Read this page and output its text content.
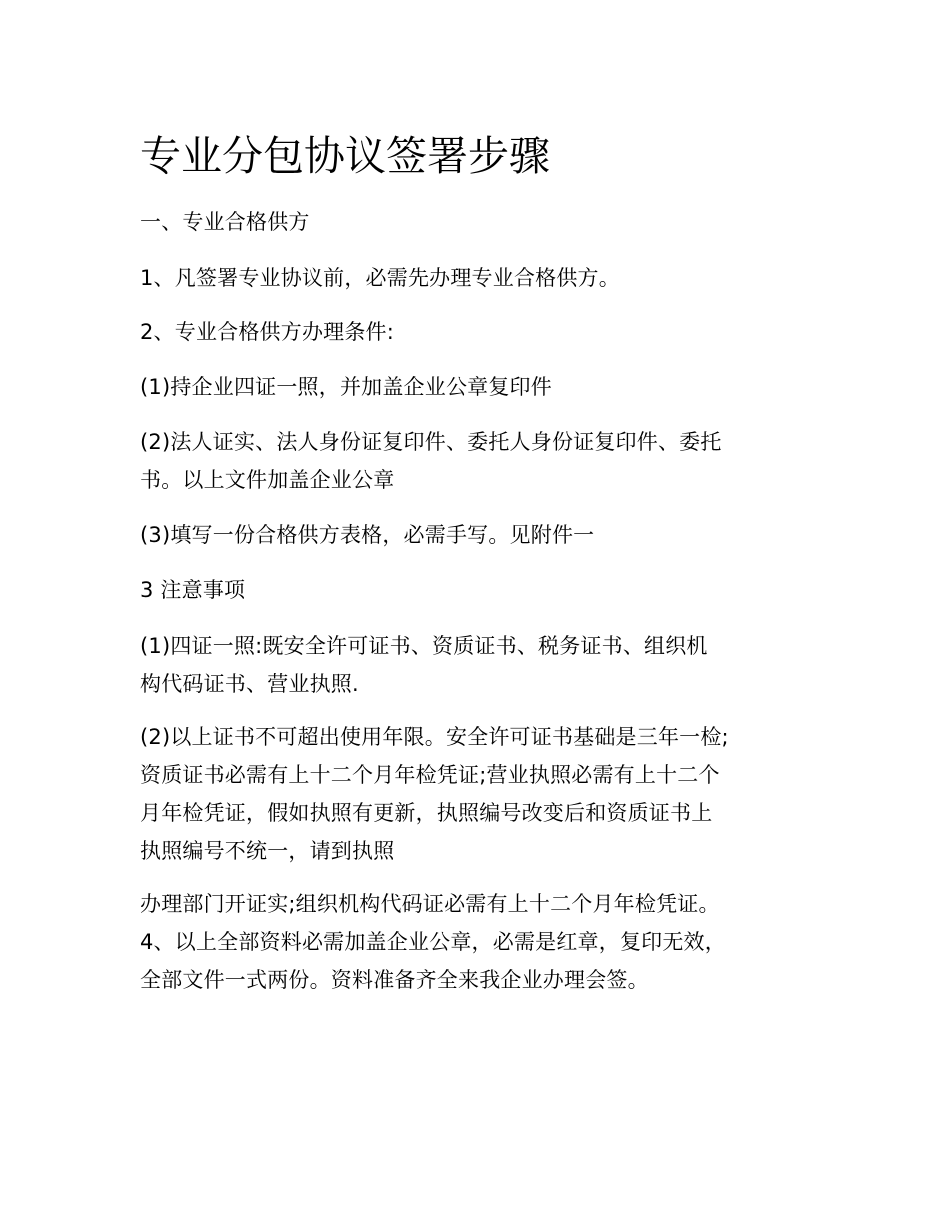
专业分包协议签署步骤

一、专业合格供方

1、凡签署专业协议前，必需先办理专业合格供方。

2、专业合格供方办理条件:

(1)持企业四证一照，并加盖企业公章复印件

(2)法人证实、法人身份证复印件、委托人身份证复印件、委托
书。以上文件加盖企业公章

(3)填写一份合格供方表格，必需手写。见附件一

3 注意事项

(1)四证一照:既安全许可证书、资质证书、税务证书、组织机
构代码证书、营业执照.

(2)以上证书不可超出使用年限。安全许可证书基础是三年一检;
资质证书必需有上十二个月年检凭证;营业执照必需有上十二个
月年检凭证，假如执照有更新，执照编号改变后和资质证书上
执照编号不统一，请到执照

办理部门开证实;组织机构代码证必需有上十二个月年检凭证。
4、以上全部资料必需加盖企业公章，必需是红章，复印无效，
全部文件一式两份。资料准备齐全来我企业办理会签。
